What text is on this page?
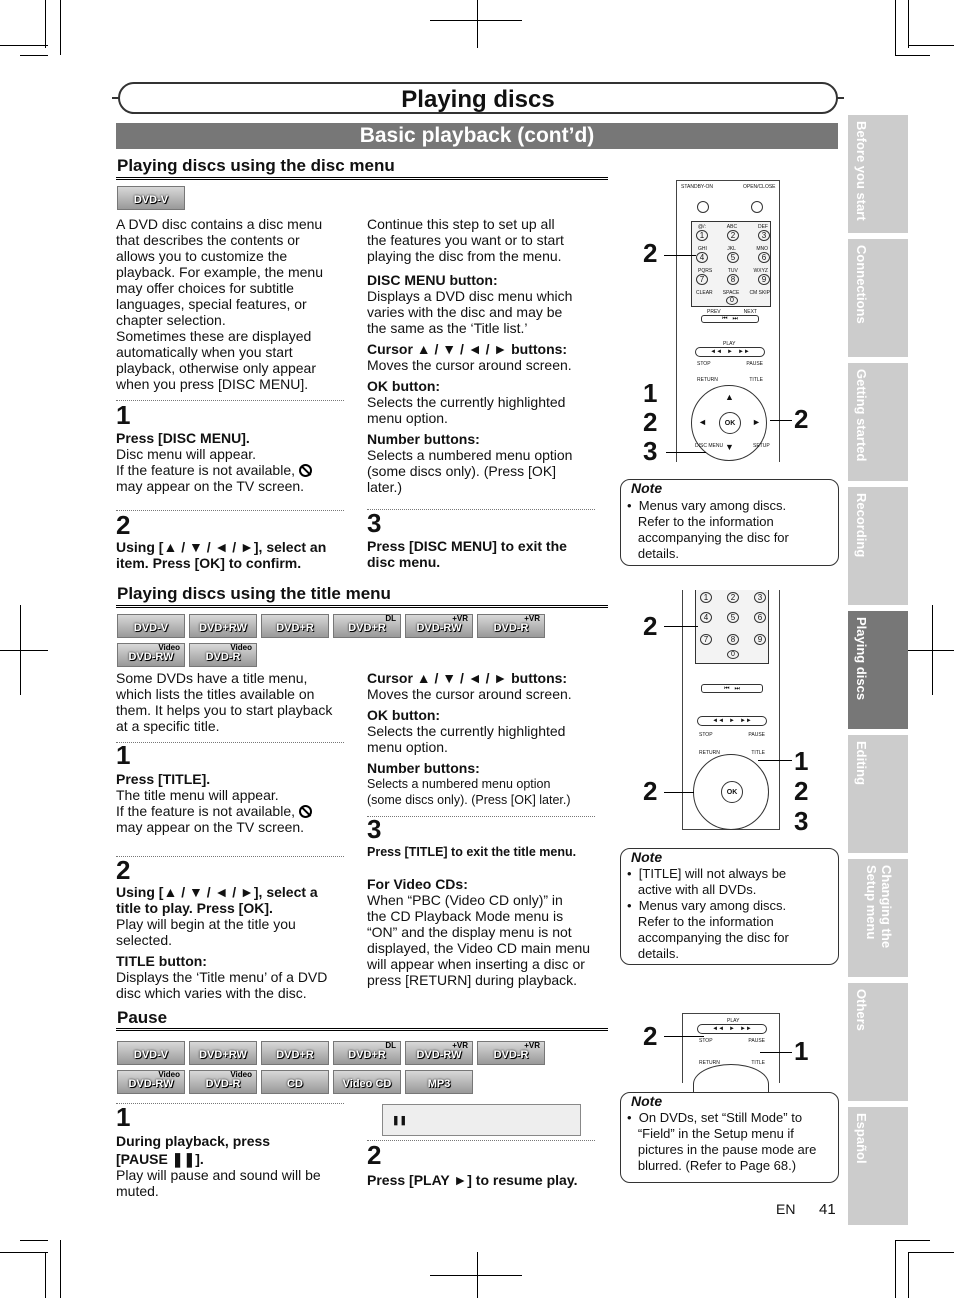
Playing discs
Basic playback (cont’d)	Before you start
Connections
Getting started
Recording
Playing discs
Editing
Changing the Setup menu
Others
Español
Playing discs using the disc menu
DVD-V
A DVD disc contains a disc menu
that describes the contents or
allows you to customize the
playback. For example, the menu
may offer choices for subtitle
languages, special features, or
chapter selection.
Sometimes these are displayed
automatically when you start
playback, otherwise only appear
when you press [DISC MENU].
1
Press [DISC MENU].
Disc menu will appear.
If the feature is not available,
may appear on the TV screen.
2
Using [▲ / ▼ / ◄ / ►], select an
item. Press [OK] to confirm.
Continue this step to set up all
the features you want or to start
playing the disc from the menu.
DISC MENU button:
Displays a DVD disc menu which
varies with the disc and may be
the same as the ‘Title list.’
Cursor ▲ / ▼ / ◄ / ► buttons:
Moves the cursor around screen.
OK button:
Selects the currently highlighted
menu option.
Number buttons:
Selects a numbered menu option
(some discs only). (Press [OK]
later.)
3
Press [DISC MENU] to exit the
disc menu.
STANDBY-ON	OPEN/CLOSE
@/:	ABC	DEF
1	2	3
GHI	JKL	MNO
4	5	6
PQRS	TUV	WXYZ
7	8	9
CLEAR SPACE CM SKIP
0
PREV	NEXT
⏮   ⏭
PLAY
◄◄   ►   ►►
STOP	PAUSE
RETURN	TITLE
OK
▲
▼
◄	►
DISC MENU	SETUP
2
1
2
3
2
Note
•  Menus vary among discs.
Refer to the information
accompanying the disc for
details.
Playing discs using the title menu
DVD-V	DVD+RW	DVD+R
DL
DVD+R
+VR
DVD-RW
+VR
DVD-R
Video
DVD-RW
Video
DVD-R
Some DVDs have a title menu,
which lists the titles available on
them. It helps you to start playback
at a specific title.
1
Press [TITLE].
The title menu will appear.
If the feature is not available,
may appear on the TV screen.
2
Using [▲ / ▼ / ◄ / ►], select a
title to play. Press [OK].
Play will begin at the title you
selected.
TITLE button:
Displays the ‘Title menu’ of a DVD
disc which varies with the disc.
Cursor ▲ / ▼ / ◄ / ► buttons:
Moves the cursor around screen.
OK button:
Selects the currently highlighted
menu option.
Number buttons:
Selects a numbered menu option
(some discs only). (Press [OK] later.)
3
Press [TITLE] to exit the title menu.
For Video CDs:
When “PBC (Video CD only)” in
the CD Playback Mode menu is
“ON” and the display menu is not
displayed, the Video CD main menu
will appear when inserting a disc or
press [RETURN] during playback.
1	2	3
4	5	6
7	8	9
0
⏮   ⏭
◄◄   ►   ►►
STOP	PAUSE
RETURN	TITLE
OK
2
1
2
3
2
Note
•  [TITLE] will not always be
active with all DVDs.
•  Menus vary among discs.
Refer to the information
accompanying the disc for
details.
Pause
DVD-V	DVD+RW	DVD+R
DL
DVD+R
+VR
DVD-RW
+VR
DVD-R
Video
DVD-RW
Video
DVD-R	CD	Video CD	MP3
1
During playback, press
[PAUSE ❚❚].
Play will pause and sound will be
muted.
❚❚
2
Press [PLAY ►] to resume play.
PLAY
◄◄   ►   ►►
STOP	PAUSE
RETURN	TITLE
2	1
Note
•  On DVDs, set “Still Mode” to
“Field” in the Setup menu if
pictures in the pause mode are
blurred. (Refer to Page 68.)
EN 41
